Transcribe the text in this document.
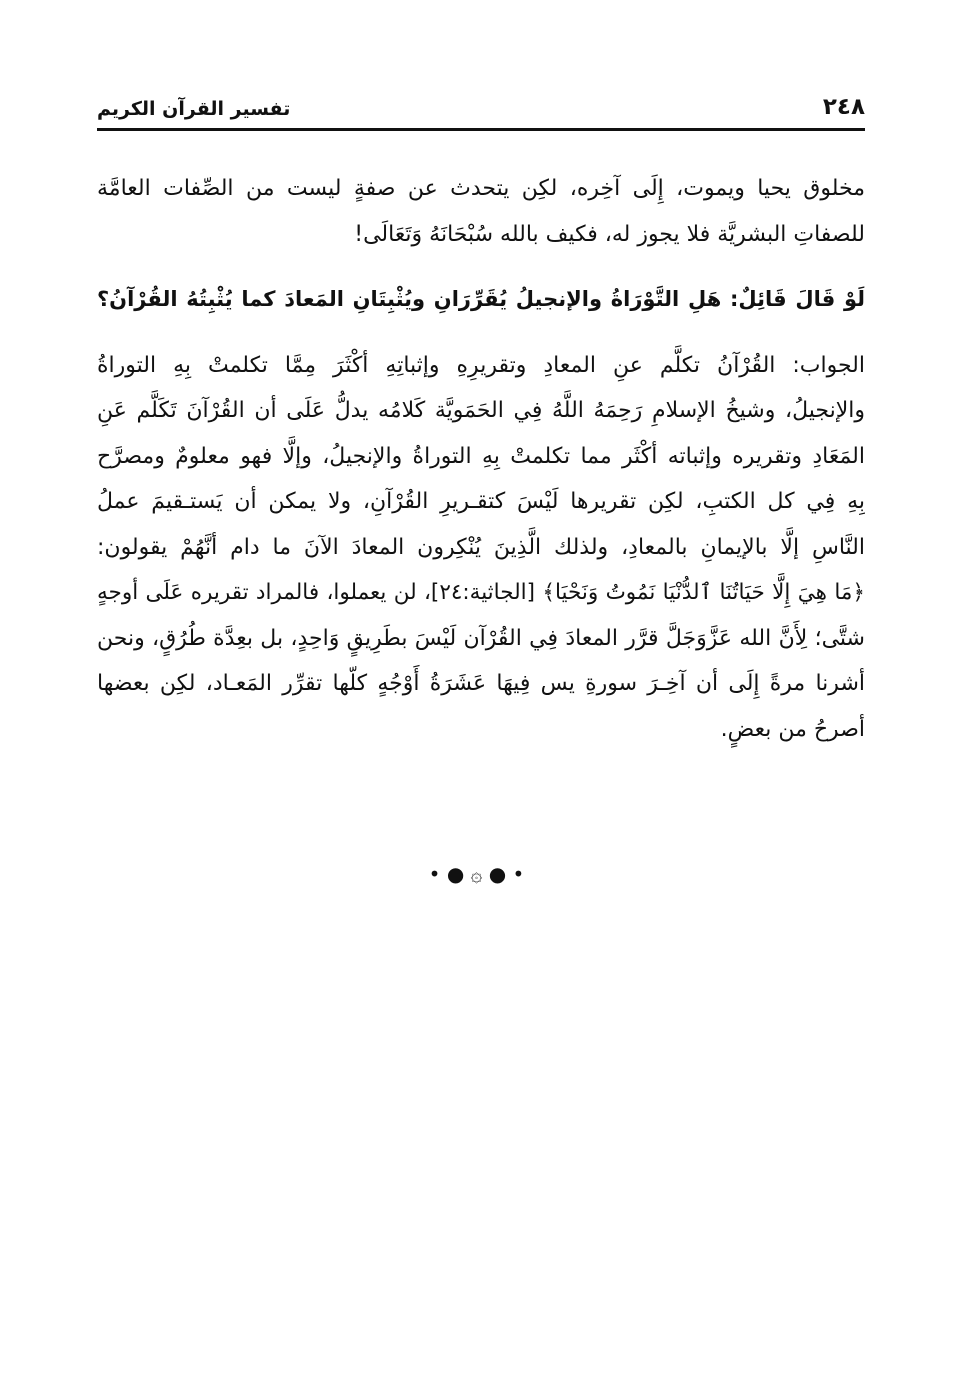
تفسير القرآن الكريم	٢٤٨
مخلوق يحيا ويموت، إِلَى آخِره، لكِن يتحدث عن صفةٍ ليست من الصِّفات العامَّة
للصفاتِ البشريَّة فلا يجوز له، فكيف بالله سُبْحَانَهُ وَتَعَالَى!
لَوْ قَالَ قَائِلٌ: هَلِ التَّوْرَاةُ والإنجيلُ يُقَرِّرَانِ ويُثْبِتَانِ المَعادَ كما يُثْبِتُهُ القُرْآنُ؟
الجواب: القُرْآنُ تكلَّم عنِ المعادِ وتقريرِهِ وإثباتِهِ أكْثَرَ مِمَّا تكلمتْ بِهِ التوراةُ
والإنجيلُ، وشيخُ الإسلامِ رَحِمَهُ اللَّهُ فِي الحَمَويَّة كَلامُه يدلُّ عَلَى أن القُرْآنَ تَكَلَّم عَنِ
المَعَادِ وتقريره وإثباته أكْثَر مما تكلمتْ بِهِ التوراةُ والإنجيلُ، وإلَّا فهو معلومٌ ومصرَّح
بِهِ فِي كل الكتبِ، لكِن تقريرها لَيْسَ كتقـريرِ القُرْآنِ، ولا يمكن أن يَستـقيمَ عملُ
النَّاسِ إلَّا بالإيمانِ بالمعادِ، ولذلك الَّذِينَ يُنْكِرون المعادَ الآنَ ما دام أنَّهُمْ يقولون:
﴿مَا هِيَ إِلَّا حَيَاتُنَا ٱلدُّنْيَا نَمُوتُ وَنَحْيَا﴾ [الجاثية:٢٤]، لن يعملوا، فالمراد تقريره عَلَى أوجهٍ
شتَّى؛ لِأَنَّ الله عَزَّوَجَلَّ قرَّر المعادَ فِي القُرْآن لَيْسَ بطَرِيقٍ وَاحِدٍ، بل بعِدَّة طُرُقٍ، ونحن
أشرنا مرةً إِلَى أن آخِـرَ سورةِ يس فِيهَا عَشَرَةُ أَوْجُهٍ كلّها تقرِّر المَعـاد، لكِن بعضها
أصرحُ من بعضٍ.
• ● ۞ ● •
